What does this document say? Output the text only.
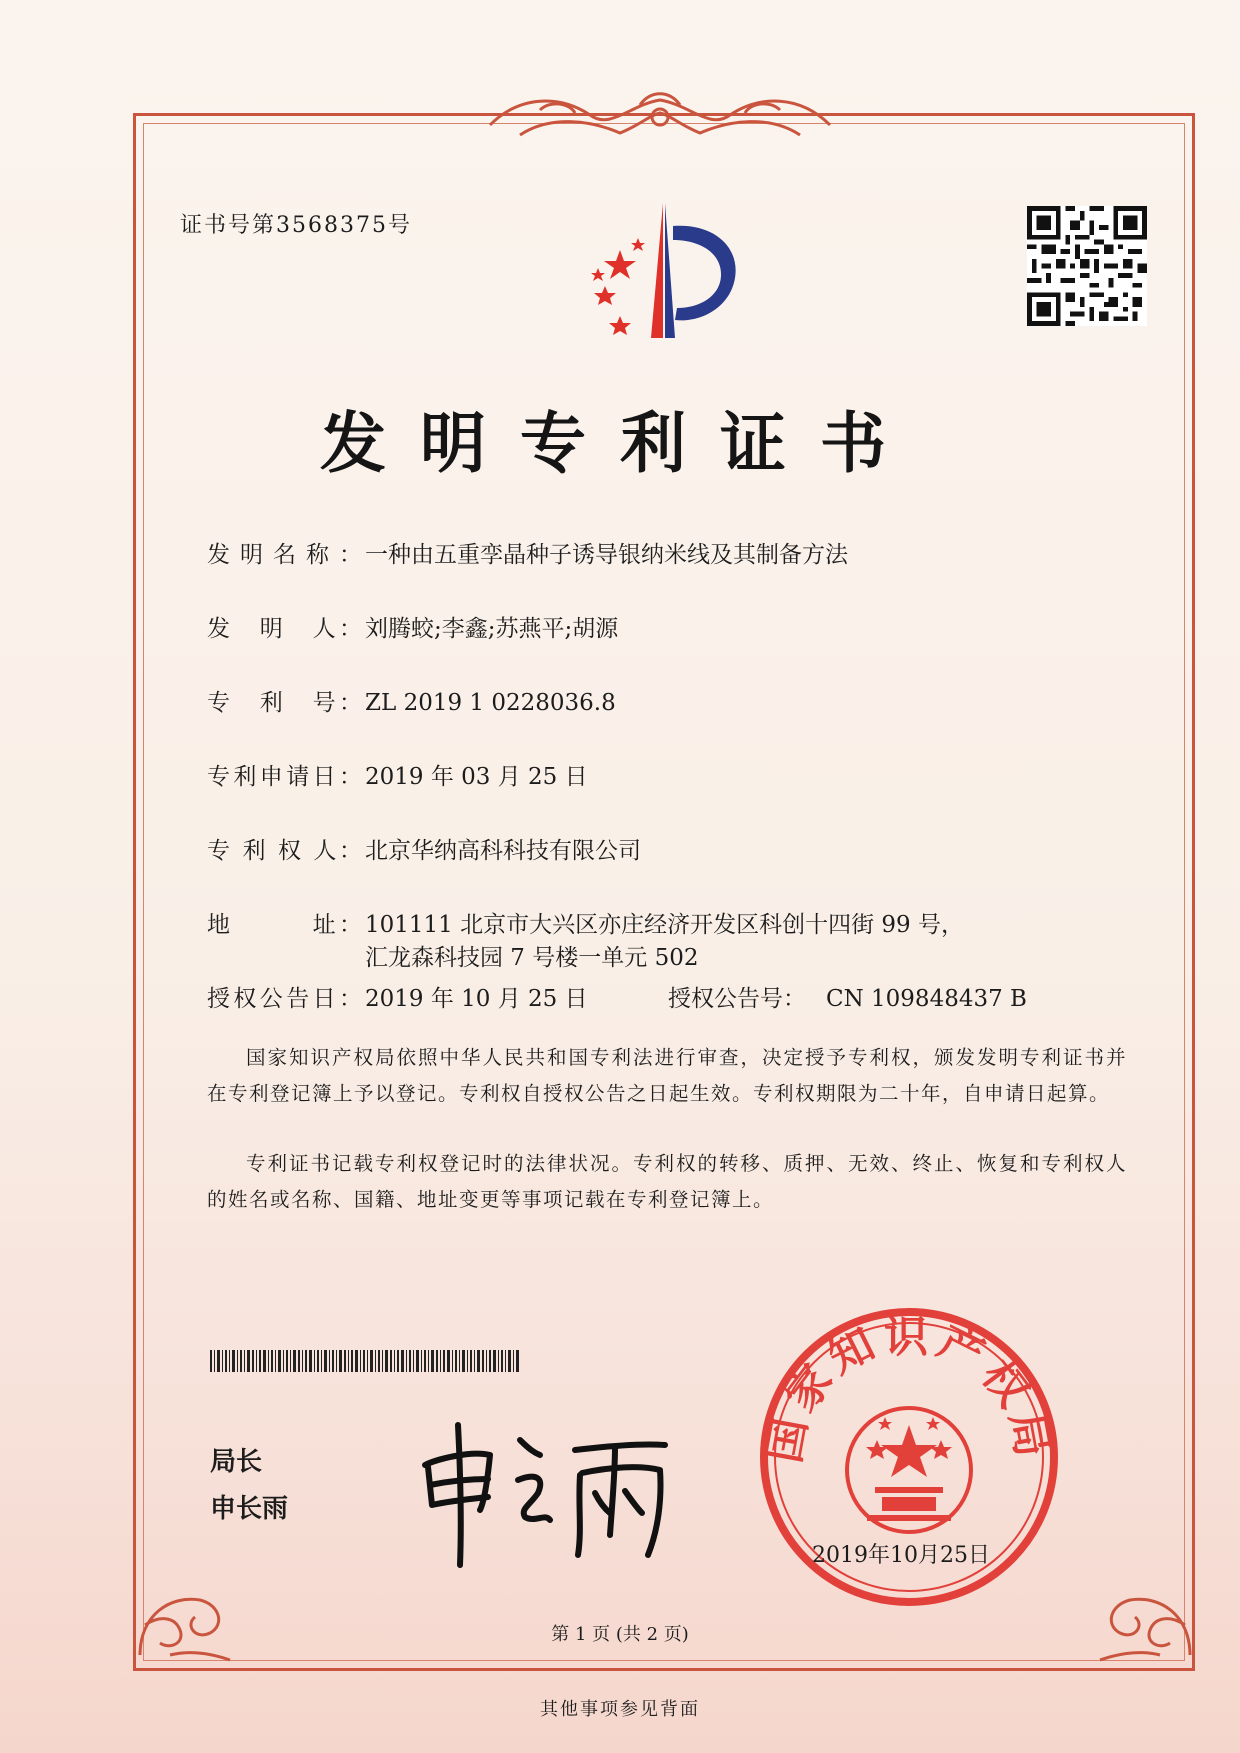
证书号第3568375号
发明专利证书
发明名称： 一种由五重孪晶种子诱导银纳米线及其制备方法
发　明　人： 刘腾蛟;李鑫;苏燕平;胡源
专　利　号： ZL 2019 1 0228036.8
专利申请日： 2019 年 03 月 25 日
专 利 权 人： 北京华纳高科科技有限公司
地　　　址： 101111 北京市大兴区亦庄经济开发区科创十四街 99 号，
汇龙森科技园 7 号楼一单元 502
授权公告日： 2019 年 10 月 25 日	授权公告号： CN 109848437 B
国家知识产权局依照中华人民共和国专利法进行审查，决定授予专利权，颁发发明专利证书并在专利登记簿上予以登记。专利权自授权公告之日起生效。专利权期限为二十年，自申请日起算。
专利证书记载专利权登记时的法律状况。专利权的转移、质押、无效、终止、恢复和专利权人的姓名或名称、国籍、地址变更等事项记载在专利登记簿上。
局长
申长雨
国家知识产权局
2019年10月25日
第 1 页 (共 2 页)
其他事项参见背面
